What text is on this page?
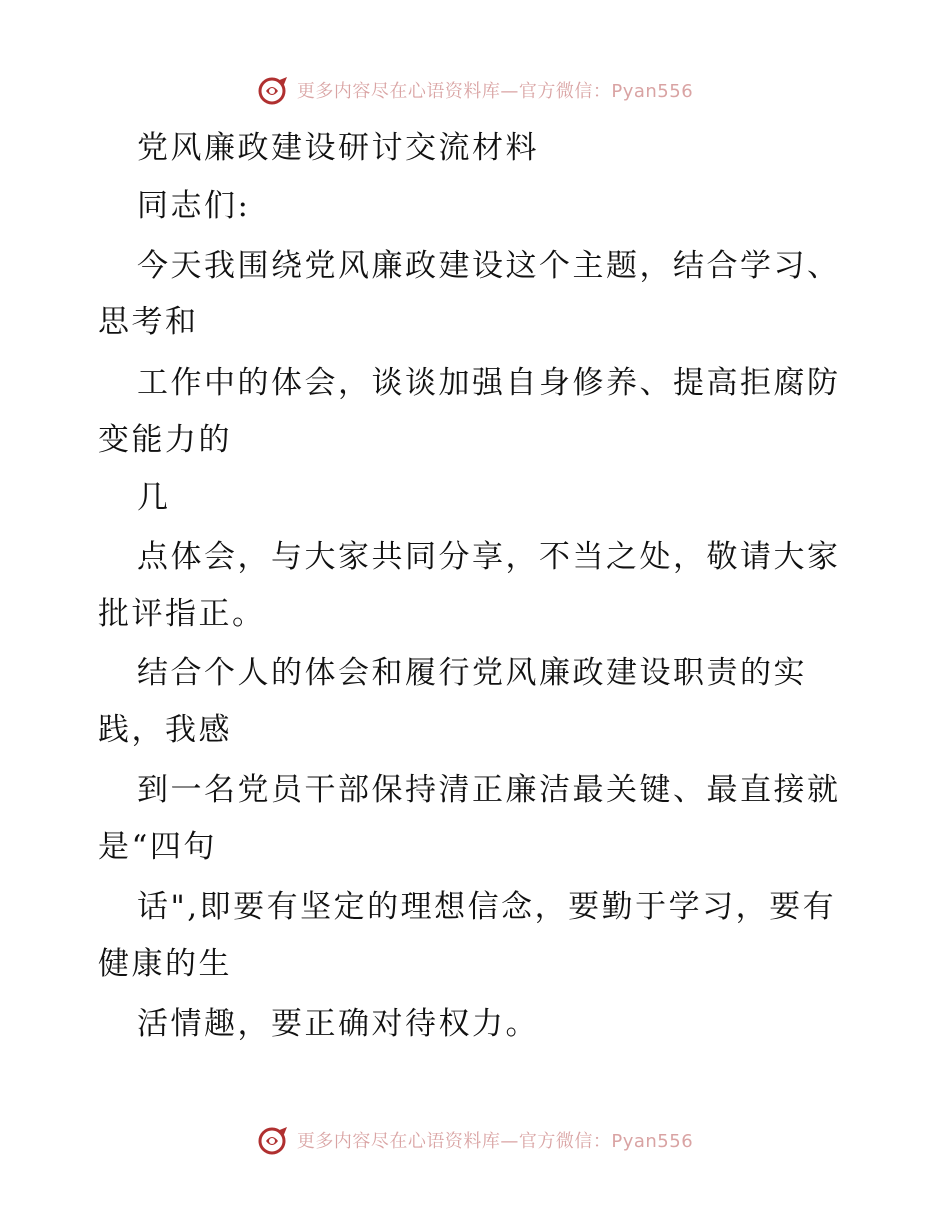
更多内容尽在心语资料库—官方微信：Pyan556
党风廉政建设研讨交流材料
同志们:
今天我围绕党风廉政建设这个主题，结合学习、
思考和
工作中的体会，谈谈加强自身修养、提高拒腐防
变能力的
几
点体会，与大家共同分享，不当之处，敬请大家
批评指正。
结合个人的体会和履行党风廉政建设职责的实
践，我感
到一名党员干部保持清正廉洁最关键、最直接就
是“四句
话",即要有坚定的理想信念，要勤于学习，要有
健康的生
活情趣，要正确对待权力。
更多内容尽在心语资料库—官方微信：Pyan556
